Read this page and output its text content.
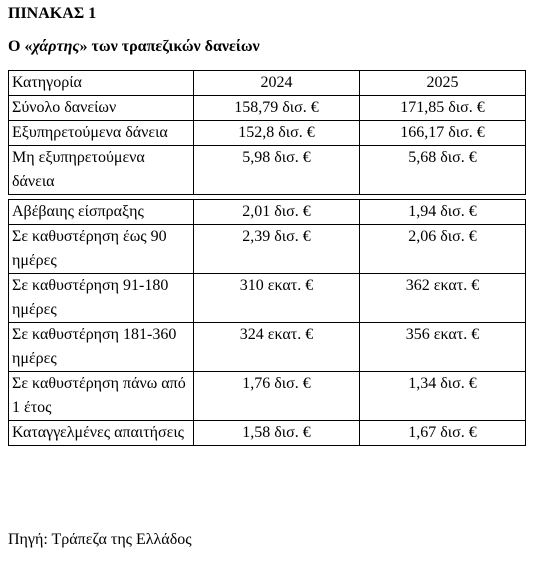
ΠΙΝΑΚΑΣ 1
Ο «χάρτης» των τραπεζικών δανείων
Κατηγορία	2024	2025
Σύνολο δανείων	158,79 δισ. €	171,85 δισ. €
Εξυπηρετούμενα δάνεια	152,8 δισ. €	166,17 δισ. €
Μη εξυπηρετούμενα δάνεια	5,98 δισ. €	5,68 δισ. €

Αβέβαιης είσπραξης	2,01 δισ. €	1,94 δισ. €
Σε καθυστέρηση έως 90 ημέρες	2,39 δισ. €	2,06 δισ. €
Σε καθυστέρηση 91-180 ημέρες	310 εκατ. €	362 εκατ. €
Σε καθυστέρηση 181-360 ημέρες	324 εκατ. €	356 εκατ. €
Σε καθυστέρηση πάνω από 1 έτος	1,76 δισ. €	1,34 δισ. €
Καταγγελμένες απαιτήσεις	1,58 δισ. €	1,67 δισ. €
Πηγή: Τράπεζα της Ελλάδος
